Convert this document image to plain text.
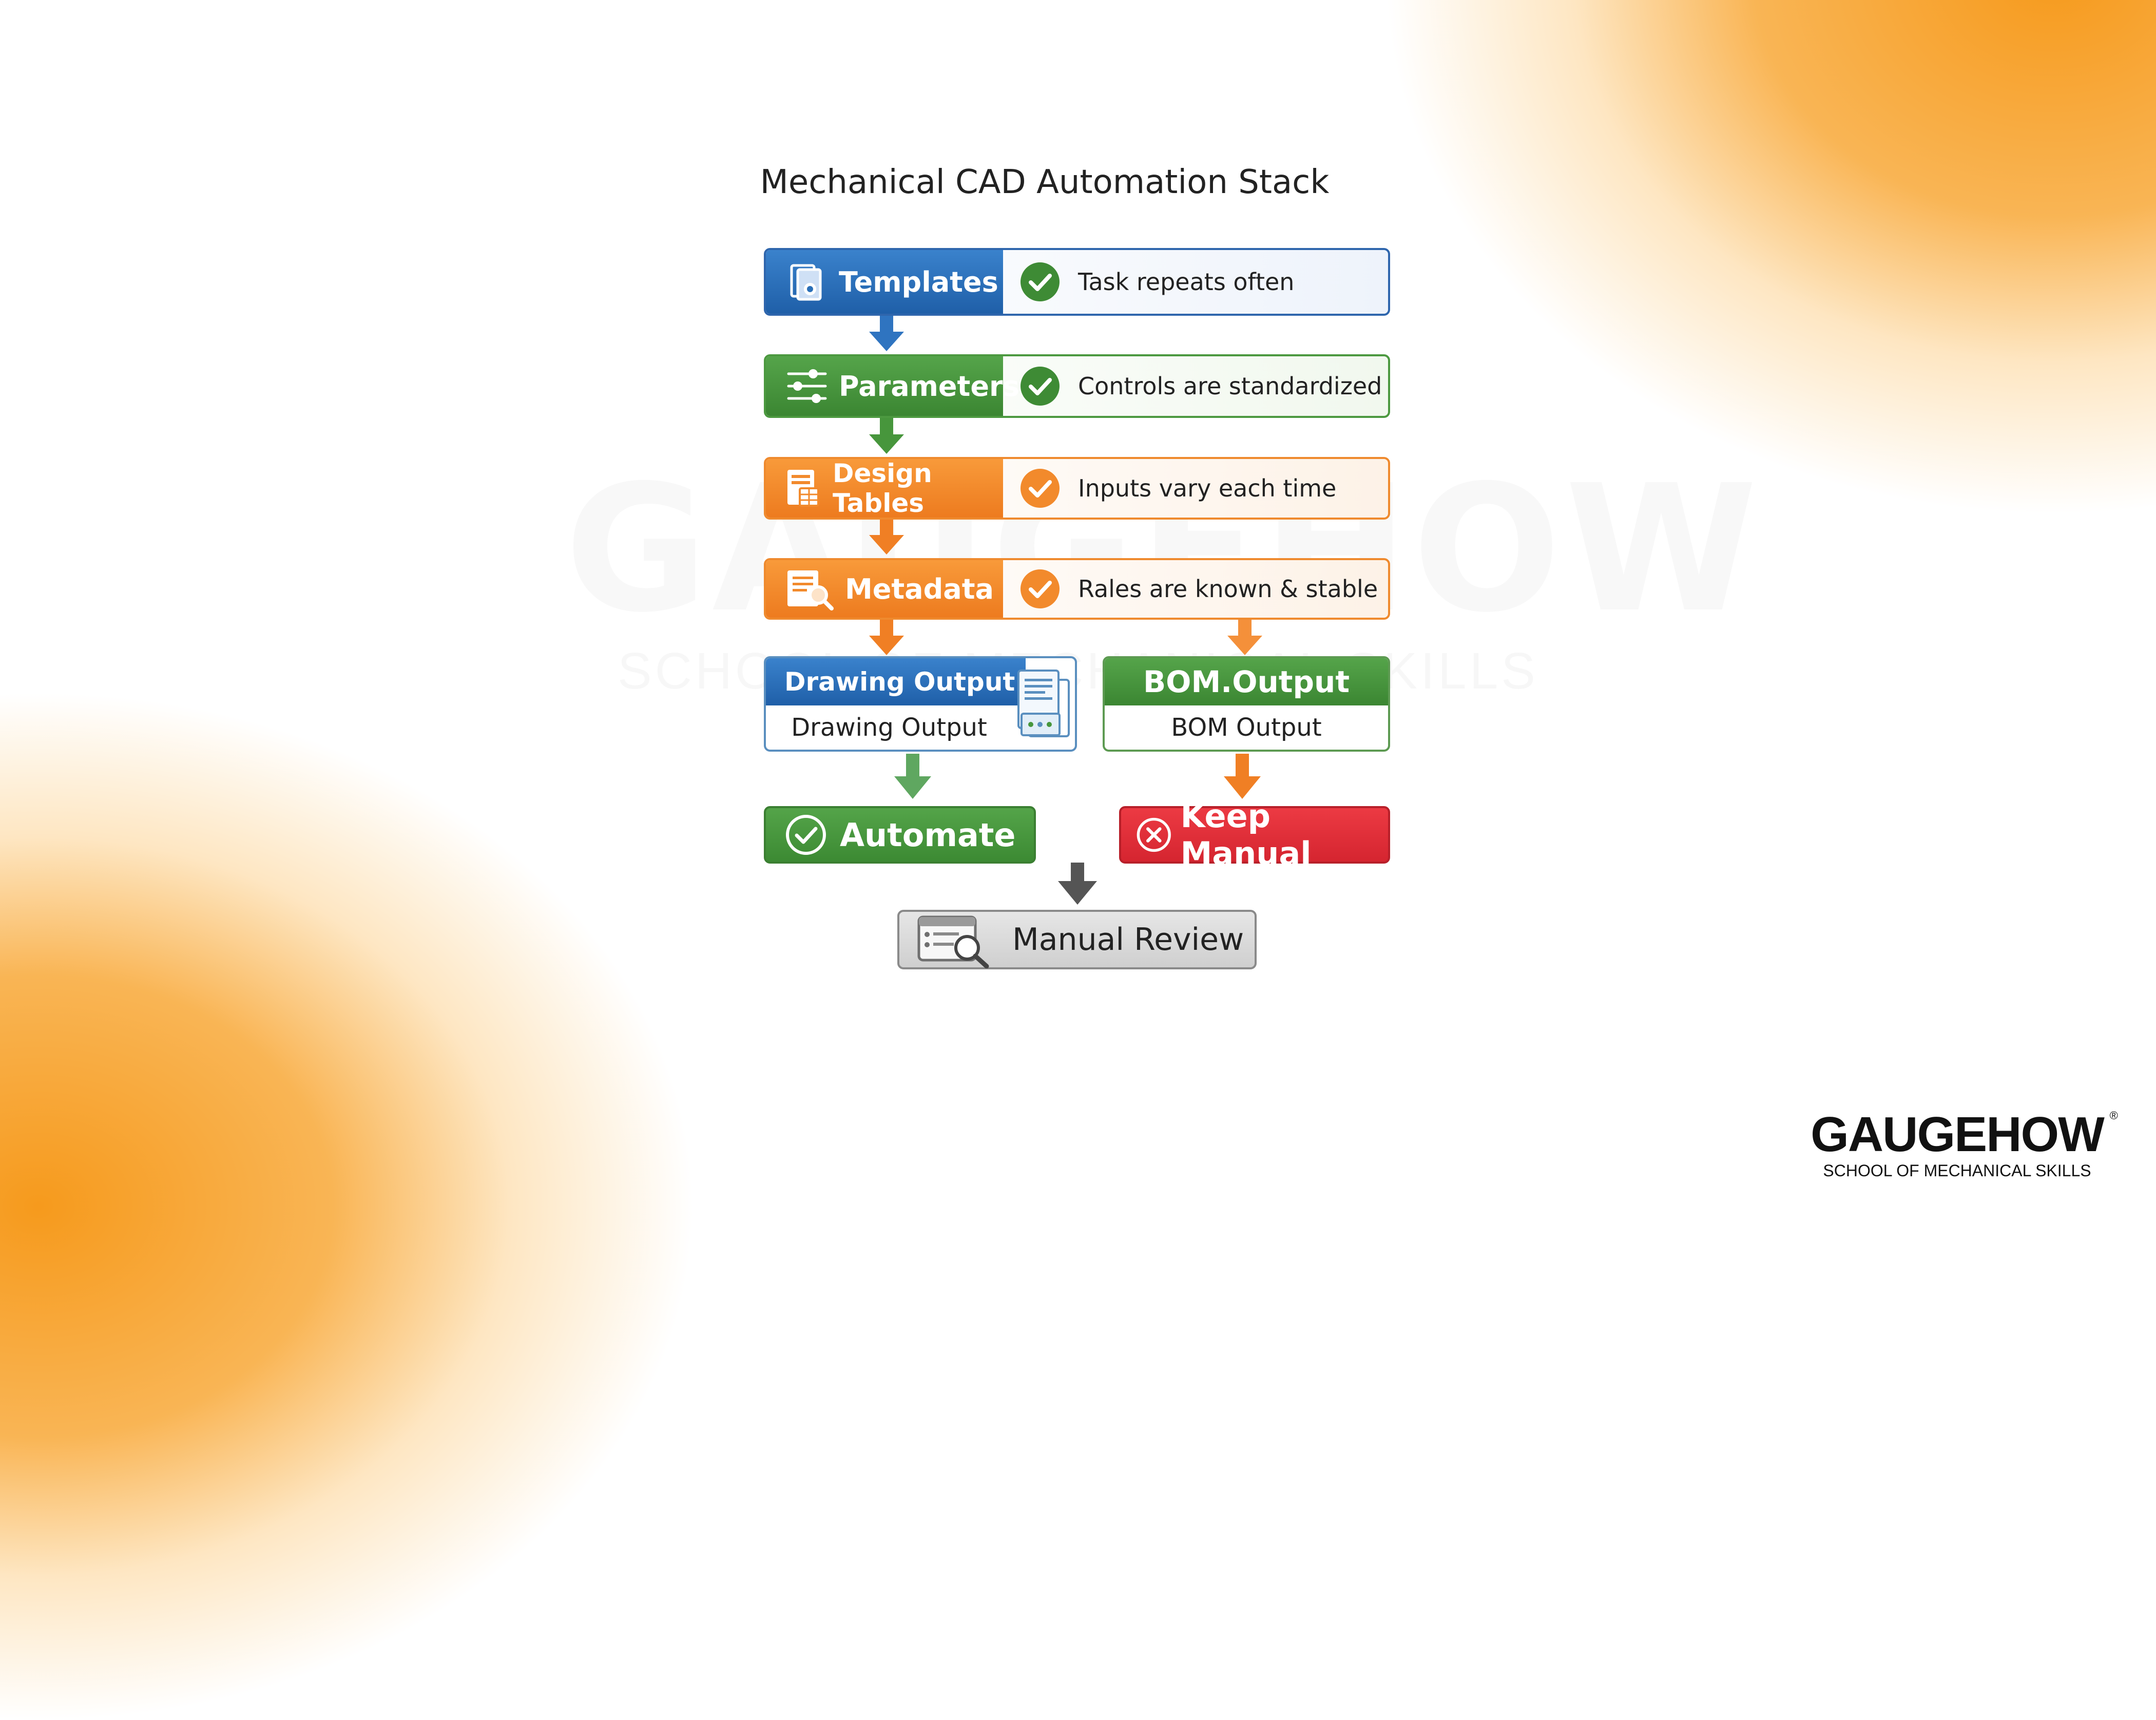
Mechanical CAD Automation Stack
Templates	Task repeats often
Parameters Controls are standardized
Design Tables	Inputs vary each time
Metadata	Rales are known & stable
Drawing Output
Drawing Output
BOM.Output
BOM Output
Automate	Keep Manual
Manual Review
GAUGEHOW ®
SCHOOL OF MECHANICAL SKILLS
